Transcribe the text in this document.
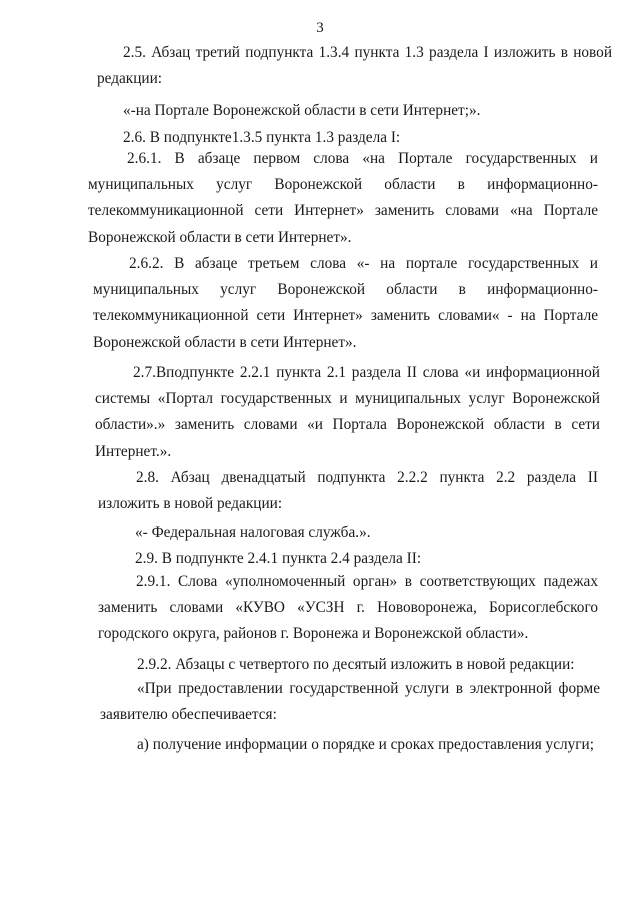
3

2.5. Абзац третий подпункта 1.3.4 пункта 1.3 раздела I изложить в новой редакции:

«-на Портале Воронежской области в сети Интернет;».

2.6. В подпункте1.3.5 пункта 1.3 раздела I:

2.6.1. В абзаце первом слова «на Портале государственных и муниципальных услуг Воронежской области в информационно-телекоммуникационной сети Интернет» заменить словами «на Портале Воронежской области в сети Интернет».

2.6.2. В абзаце третьем слова «- на портале государственных и муниципальных услуг Воронежской области в информационно-телекоммуникационной сети Интернет» заменить словами« - на Портале Воронежской области в сети Интернет».

2.7.Вподпункте 2.2.1 пункта 2.1 раздела II слова «и информационной системы «Портал государственных и муниципальных услуг Воронежской области».» заменить словами «и Портала Воронежской области в сети Интернет.».

2.8. Абзац двенадцатый подпункта 2.2.2 пункта 2.2 раздела II изложить в новой редакции:

«- Федеральная налоговая служба.».

2.9. В подпункте 2.4.1 пункта 2.4 раздела II:

2.9.1. Слова «уполномоченный орган» в соответствующих падежах заменить словами «КУВО «УСЗН г. Нововоронежа, Борисоглебского городского округа, районов г. Воронежа и Воронежской области».

2.9.2. Абзацы с четвертого по десятый изложить в новой редакции:

«При предоставлении государственной услуги в электронной форме заявителю обеспечивается:

а) получение информации о порядке и сроках предоставления услуги;
